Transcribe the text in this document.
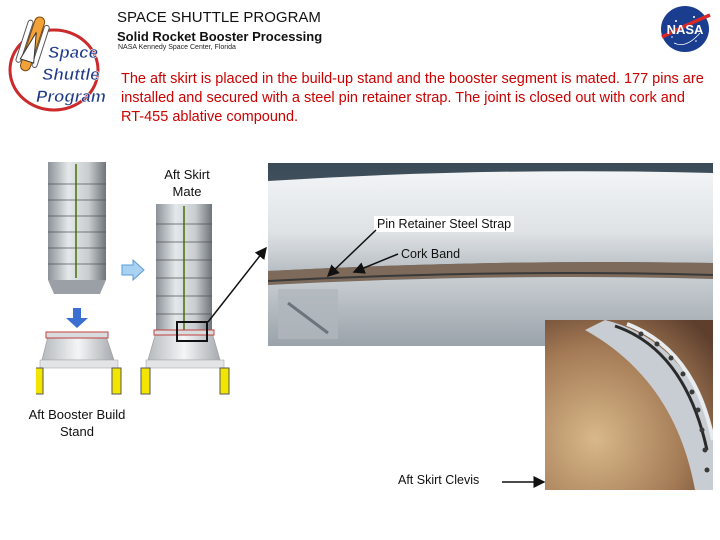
Space
Shuttle
Program
SPACE SHUTTLE PROGRAM
Solid Rocket Booster Processing
NASA Kennedy Space Center, Florida
NASA
The aft skirt is placed in the build-up stand and the booster segment is mated. 177 pins are installed and secured with a steel pin retainer strap. The joint is closed out with cork and RT-455 ablative compound.
Aft Skirt Mate
Aft Booster Build Stand
Pin Retainer Steel Strap
Cork Band
Aft Skirt Clevis
